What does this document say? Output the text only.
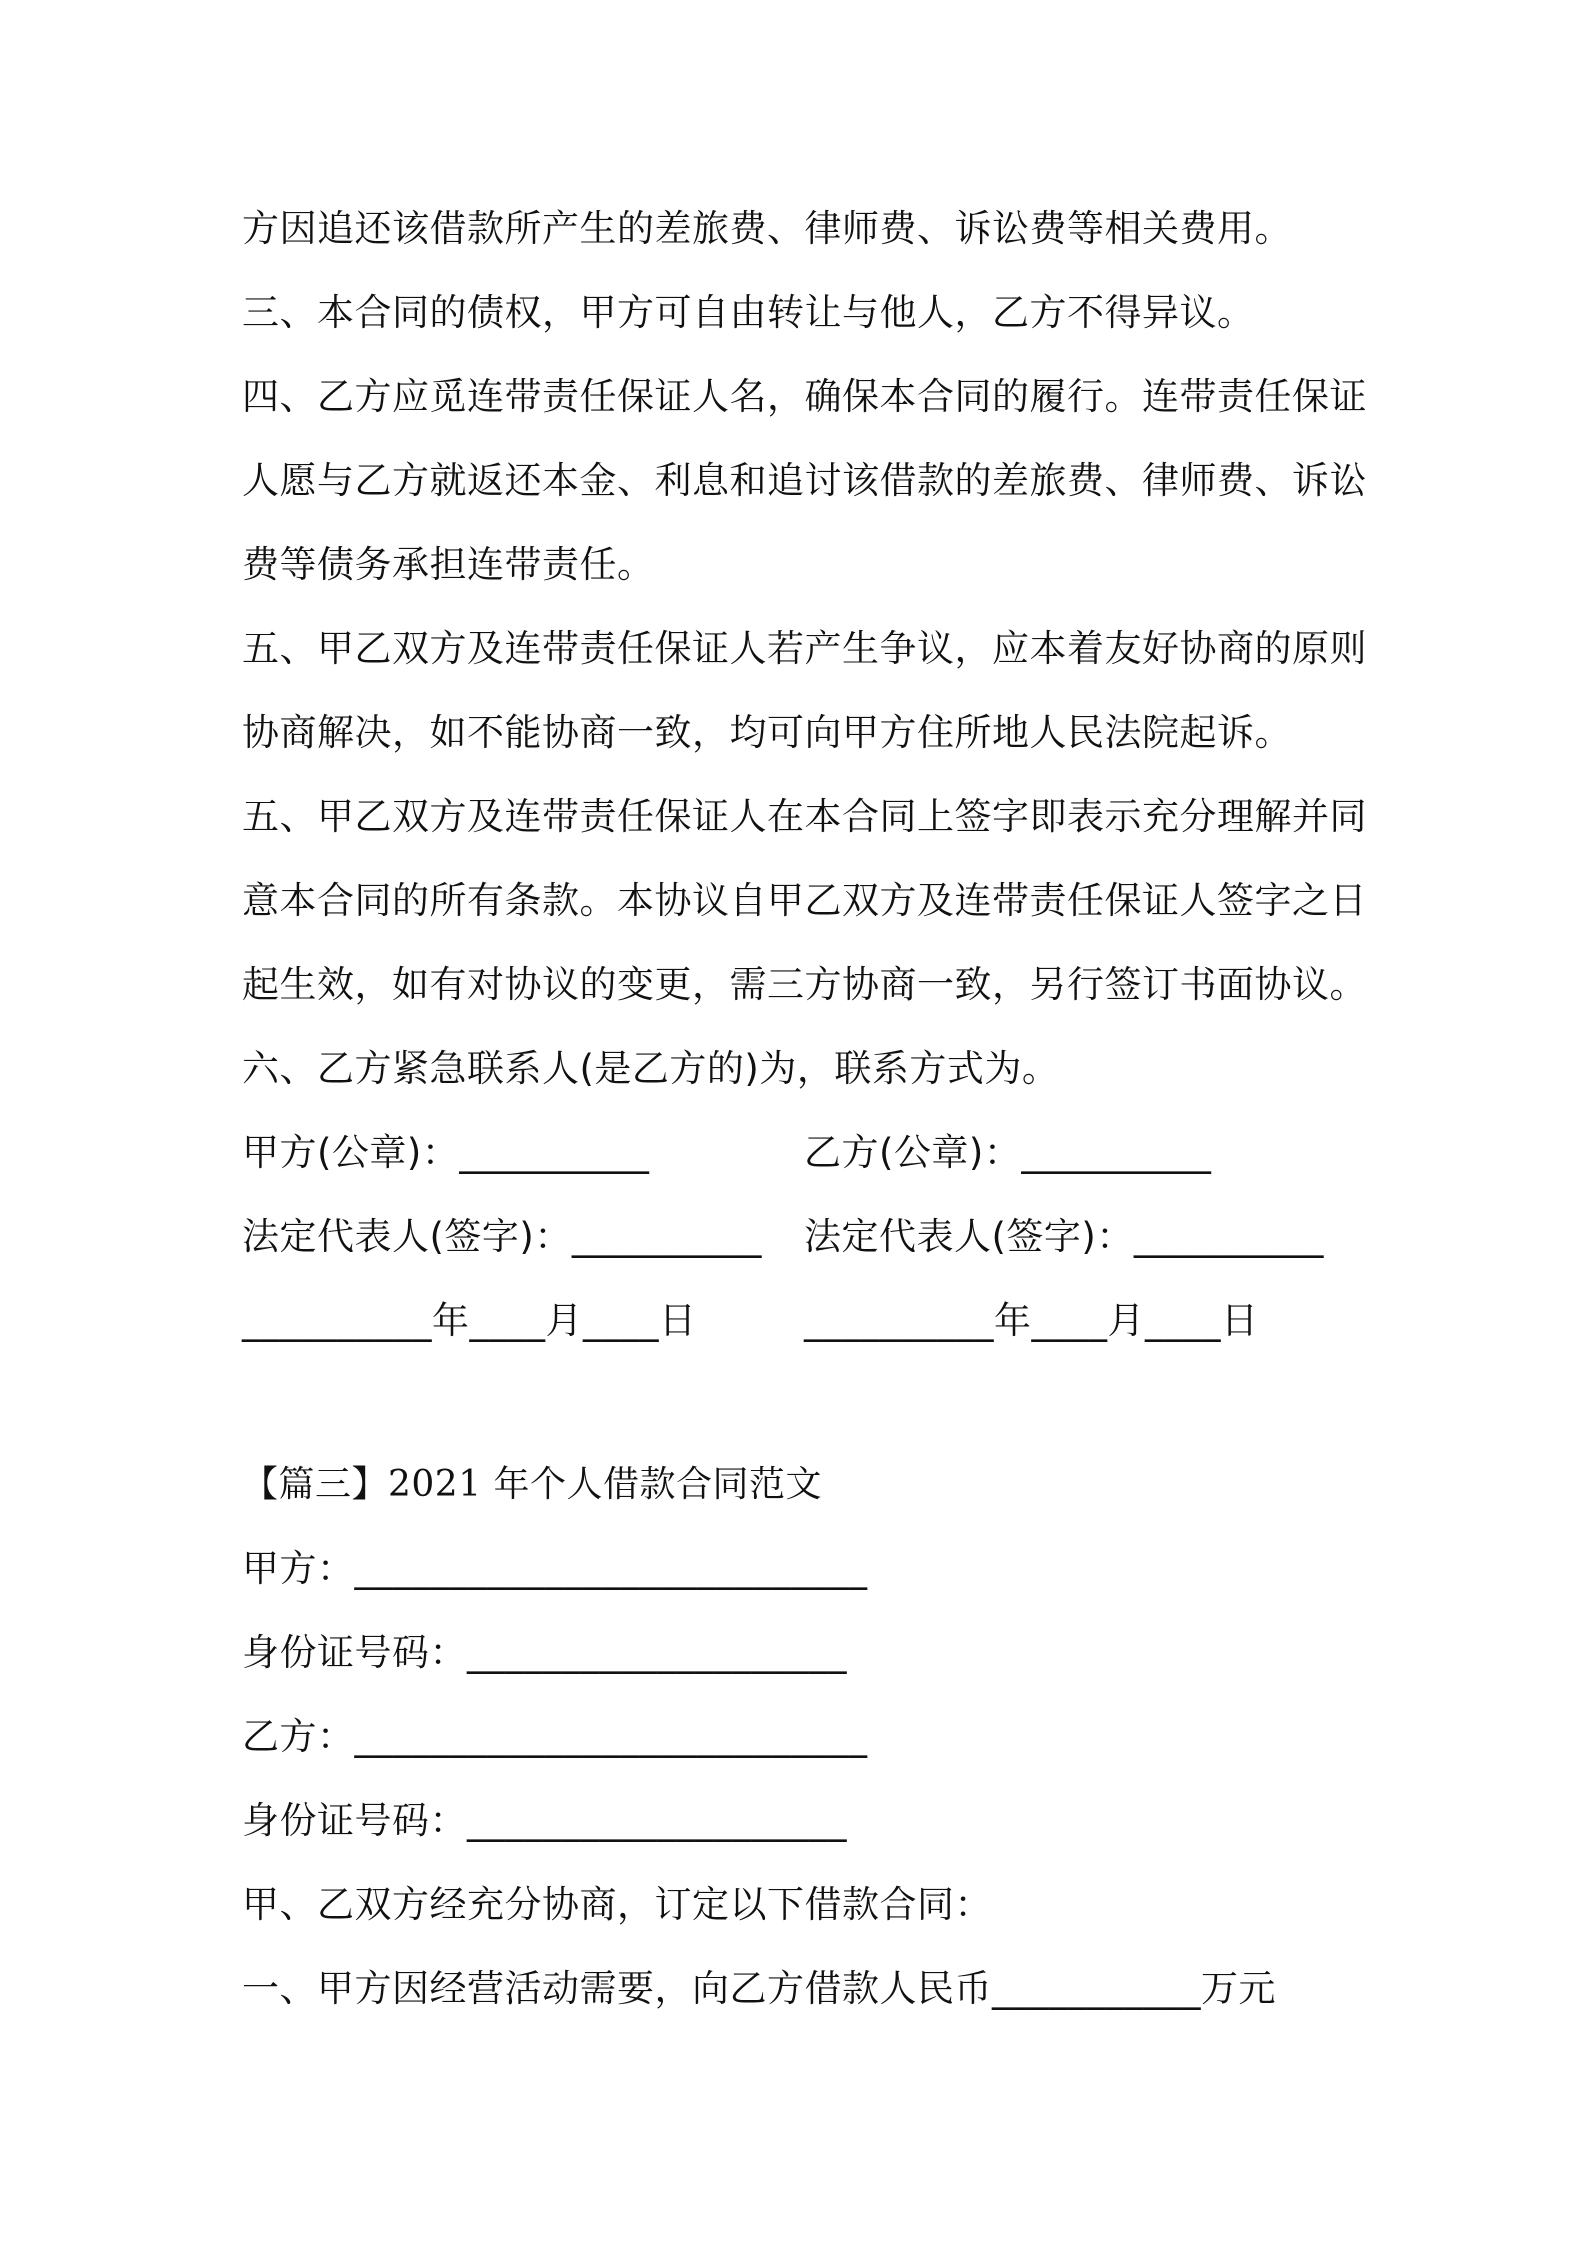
方因追还该借款所产生的差旅费、律师费、诉讼费等相关费用。
三、本合同的债权，甲方可自由转让与他人，乙方不得异议。
四、乙方应觅连带责任保证人名，确保本合同的履行。连带责任保证
人愿与乙方就返还本金、利息和追讨该借款的差旅费、律师费、诉讼
费等债务承担连带责任。
五、甲乙双方及连带责任保证人若产生争议，应本着友好协商的原则
协商解决，如不能协商一致，均可向甲方住所地人民法院起诉。
五、甲乙双方及连带责任保证人在本合同上签字即表示充分理解并同
意本合同的所有条款。本协议自甲乙双方及连带责任保证人签字之日
起生效，如有对协议的变更，需三方协商一致，另行签订书面协议。
六、乙方紧急联系人(是乙方的)为，联系方式为。
甲方(公章)：__________	乙方(公章)：__________
法定代表人(签字)：__________ 法定代表人(签字)：__________
__________年____月____日	__________年____月____日
【篇三】2021 年个人借款合同范文
甲方：___________________________
身份证号码：____________________
乙方：___________________________
身份证号码：____________________
甲、乙双方经充分协商，订定以下借款合同：
一、甲方因经营活动需要，向乙方借款人民币___________万元
